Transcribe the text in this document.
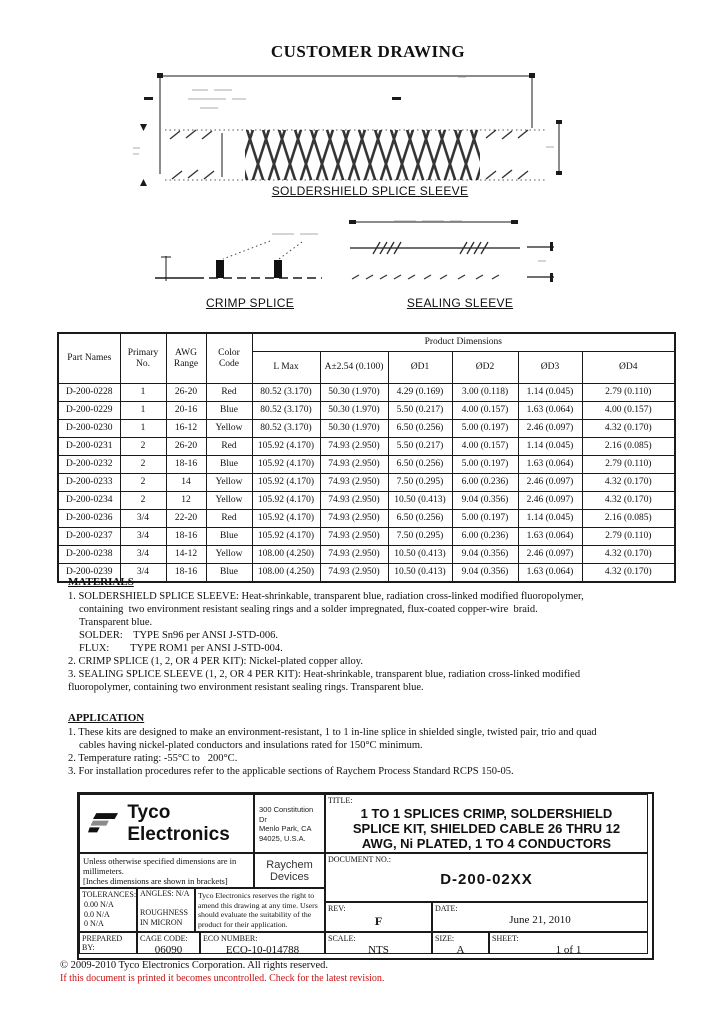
CUSTOMER DRAWING
SOLDERSHIELD SPLICE SLEEVE
CRIMP SPLICE	SEALING SLEEVE
Part Names	Primary No.	AWG Range	Color Code	Product Dimensions					
				L Max	A±2.54 (0.100)	ØD1	ØD2	ØD3	ØD4
D-200-0228	1	26-20	Red	80.52 (3.170)	50.30 (1.970)	4.29 (0.169)	3.00 (0.118)	1.14 (0.045)	2.79 (0.110)
D-200-0229	1	20-16	Blue	80.52 (3.170)	50.30 (1.970)	5.50 (0.217)	4.00 (0.157)	1.63 (0.064)	4.00 (0.157)
D-200-0230	1	16-12	Yellow	80.52 (3.170)	50.30 (1.970)	6.50 (0.256)	5.00 (0.197)	2.46 (0.097)	4.32 (0.170)
D-200-0231	2	26-20	Red	105.92 (4.170)	74.93 (2.950)	5.50 (0.217)	4.00 (0.157)	1.14 (0.045)	2.16 (0.085)
D-200-0232	2	18-16	Blue	105.92 (4.170)	74.93 (2.950)	6.50 (0.256)	5.00 (0.197)	1.63 (0.064)	2.79 (0.110)
D-200-0233	2	14	Yellow	105.92 (4.170)	74.93 (2.950)	7.50 (0.295)	6.00 (0.236)	2.46 (0.097)	4.32 (0.170)
D-200-0234	2	12	Yellow	105.92 (4.170)	74.93 (2.950)	10.50 (0.413)	9.04 (0.356)	2.46 (0.097)	4.32 (0.170)
D-200-0236	3/4	22-20	Red	105.92 (4.170)	74.93 (2.950)	6.50 (0.256)	5.00 (0.197)	1.14 (0.045)	2.16 (0.085)
D-200-0237	3/4	18-16	Blue	105.92 (4.170)	74.93 (2.950)	7.50 (0.295)	6.00 (0.236)	1.63 (0.064)	2.79 (0.110)
D-200-0238	3/4	14-12	Yellow	108.00 (4.250)	74.93 (2.950)	10.50 (0.413)	9.04 (0.356)	2.46 (0.097)	4.32 (0.170)
D-200-0239	3/4	18-16	Blue	108.00 (4.250)	74.93 (2.950)	10.50 (0.413)	9.04 (0.356)	1.63 (0.064)	4.32 (0.170)
MATERIALS
1. SOLDERSHIELD SPLICE SLEEVE: Heat-shrinkable, transparent blue, radiation cross-linked modified fluoropolymer,
containing  two environment resistant sealing rings and a solder impregnated, flux-coated copper-wire  braid.
Transparent blue.
SOLDER:    TYPE Sn96 per ANSI J-STD-006.
FLUX:        TYPE ROM1 per ANSI J-STD-004.
2. CRIMP SPLICE (1, 2, OR 4 PER KIT): Nickel-plated copper alloy.
3. SEALING SPLICE SLEEVE (1, 2, OR 4 PER KIT): Heat-shrinkable, transparent blue, radiation cross-linked modified
fluoropolymer, containing two environment resistant sealing rings. Transparent blue.
APPLICATION
1. These kits are designed to make an environment-resistant, 1 to 1 in-line splice in shielded single, twisted pair, trio and quad
cables having nickel-plated conductors and insulations rated for 150°C minimum.
2. Temperature rating: -55°C to   200°C.
3. For installation procedures refer to the applicable sections of Raychem Process Standard RCPS 150-05.
Tyco Electronics
300 Constitution Dr
Menlo Park, CA
94025, U.S.A.
TITLE:
1 TO 1 SPLICES CRIMP, SOLDERSHIELD
SPLICE KIT, SHIELDED CABLE 26 THRU 12
AWG, Ni PLATED, 1 TO 4 CONDUCTORS
Unless otherwise specified dimensions are in
millimeters.
[Inches dimensions are shown in brackets]
Raychem
Devices
DOCUMENT NO.:
D-200-02XX
TOLERANCES:
0.00 N/A
0.0 N/A
0 N/A
ANGLES: N/A

ROUGHNESS
IN MICRON
Tyco Electronics reserves the right to
amend this drawing at any time. Users
should evaluate the suitability of the
product for their application.
REV:
F
DATE:
June 21, 2010
PREPARED BY:
CAGE CODE:
06090
ECO NUMBER:
ECO-10-014788
SCALE:
NTS
SIZE:
A
SHEET:
1 of 1
© 2009-2010 Tyco Electronics Corporation. All rights reserved.
If this document is printed it becomes uncontrolled. Check for the latest revision.
